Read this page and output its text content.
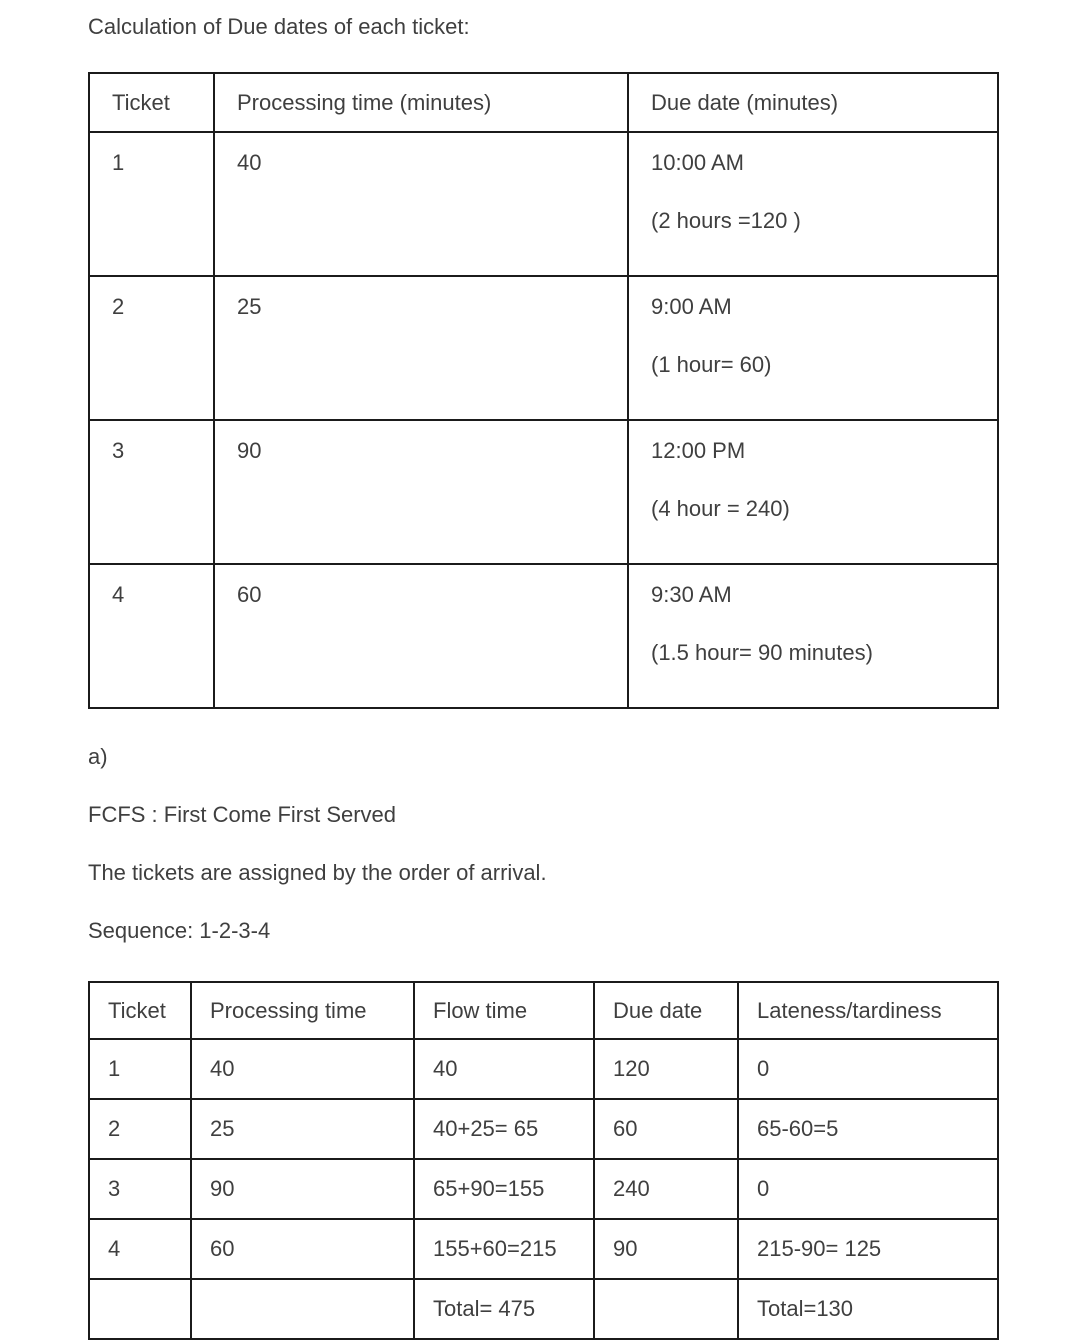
Calculation of Due dates of each ticket:
Ticket	Processing time (minutes)	Due date (minutes)
1	40	10:00 AM
(2 hours =120 )

2	25	9:00 AM
(1 hour= 60)

3	90	12:00 PM
(4 hour = 240)

4	60	9:30 AM
(1.5 hour= 90 minutes)

a)

FCFS : First Come First Served

The tickets are assigned by the order of arrival.

Sequence: 1-2-3-4

Ticket	Processing time	Flow time	Due date	Lateness/tardiness
1	40	40	120	0
2	25	40+25= 65	60	65-60=5
3	90	65+90=155	240	0
4	60	155+60=215	90	215-90= 125
		Total= 475		Total=130
